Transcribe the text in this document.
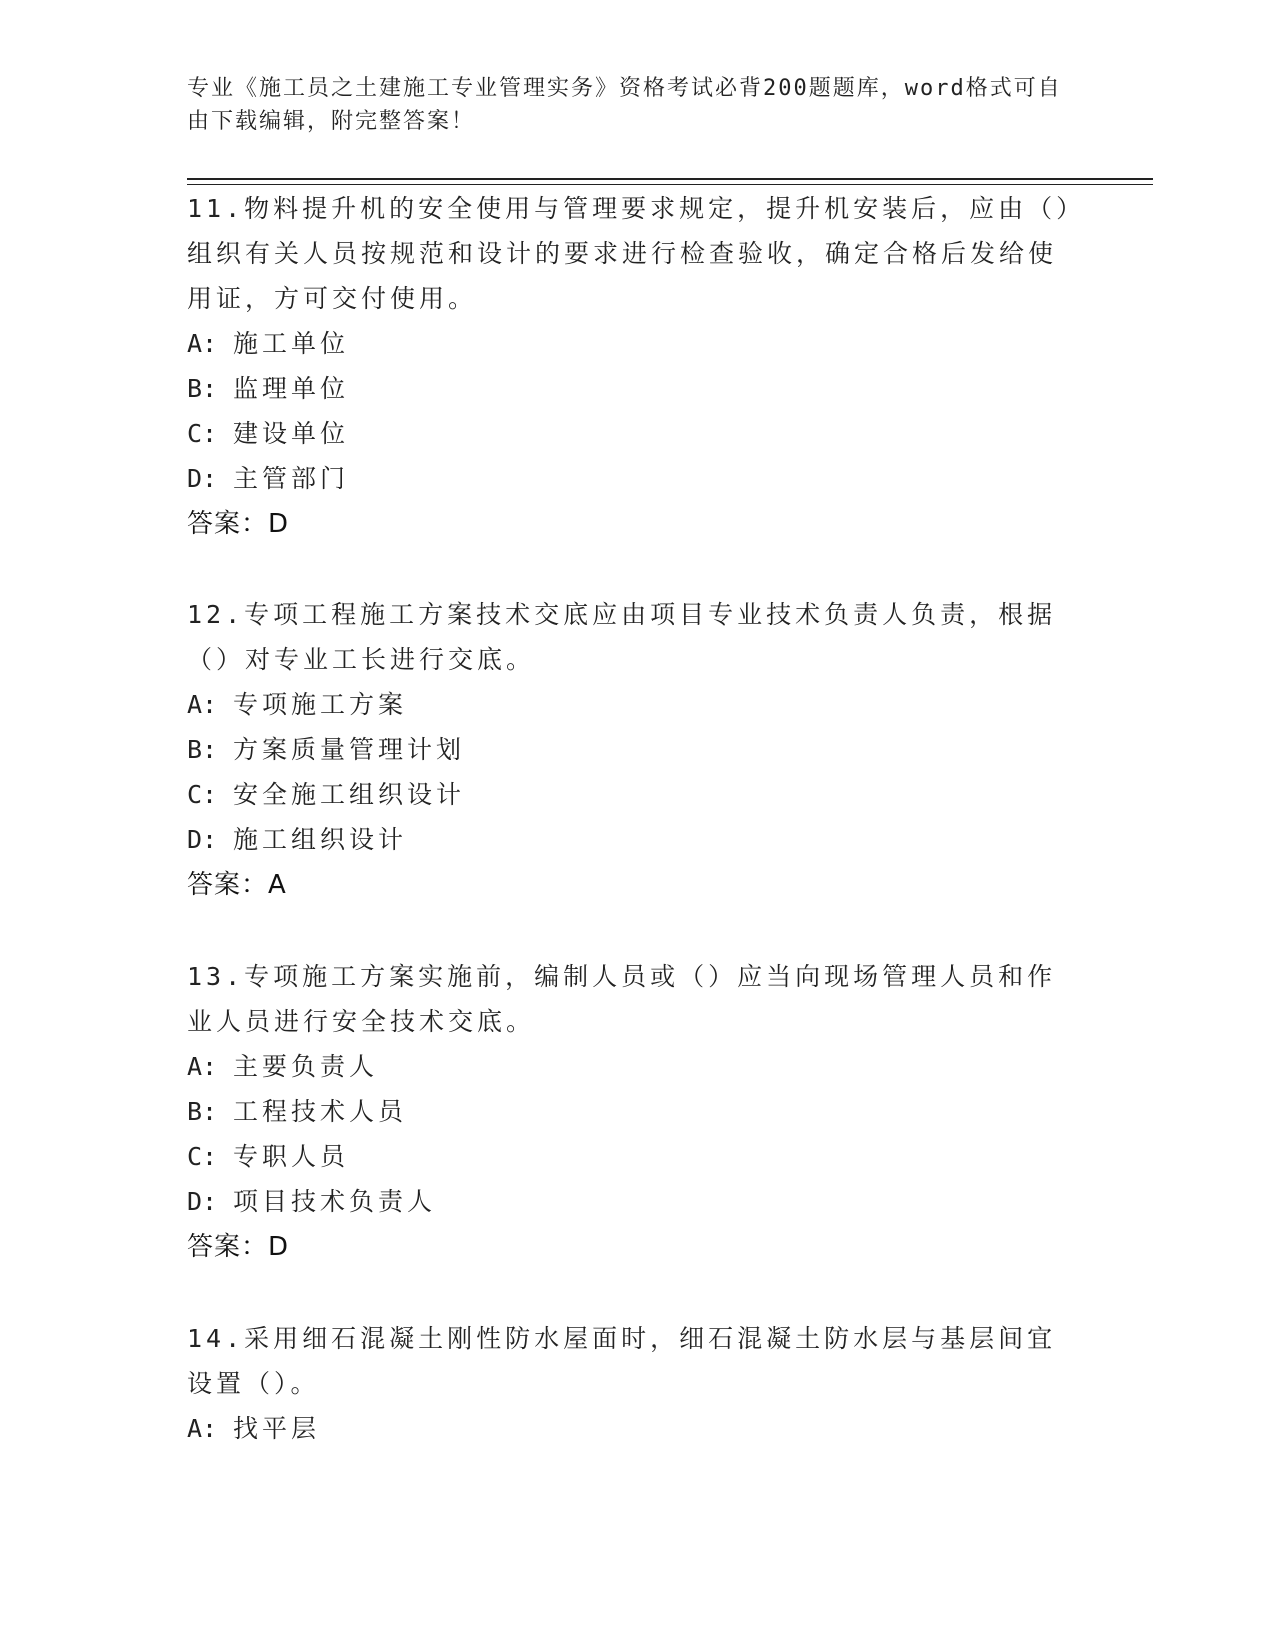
专业《施工员之土建施工专业管理实务》资格考试必背200题题库，word格式可自由下载编辑，附完整答案！

11.物料提升机的安全使用与管理要求规定，提升机安装后，应由（）组织有关人员按规范和设计的要求进行检查验收，确定合格后发给使用证，方可交付使用。

A: 施工单位
B: 监理单位
C: 建设单位
D: 主管部门
答案：D

12.专项工程施工方案技术交底应由项目专业技术负责人负责，根据（）对专业工长进行交底。

A: 专项施工方案
B: 方案质量管理计划
C: 安全施工组织设计
D: 施工组织设计
答案：A

13.专项施工方案实施前，编制人员或（）应当向现场管理人员和作业人员进行安全技术交底。

A: 主要负责人
B: 工程技术人员
C: 专职人员
D: 项目技术负责人
答案：D

14.采用细石混凝土刚性防水屋面时，细石混凝土防水层与基层间宜设置（）。

A: 找平层
